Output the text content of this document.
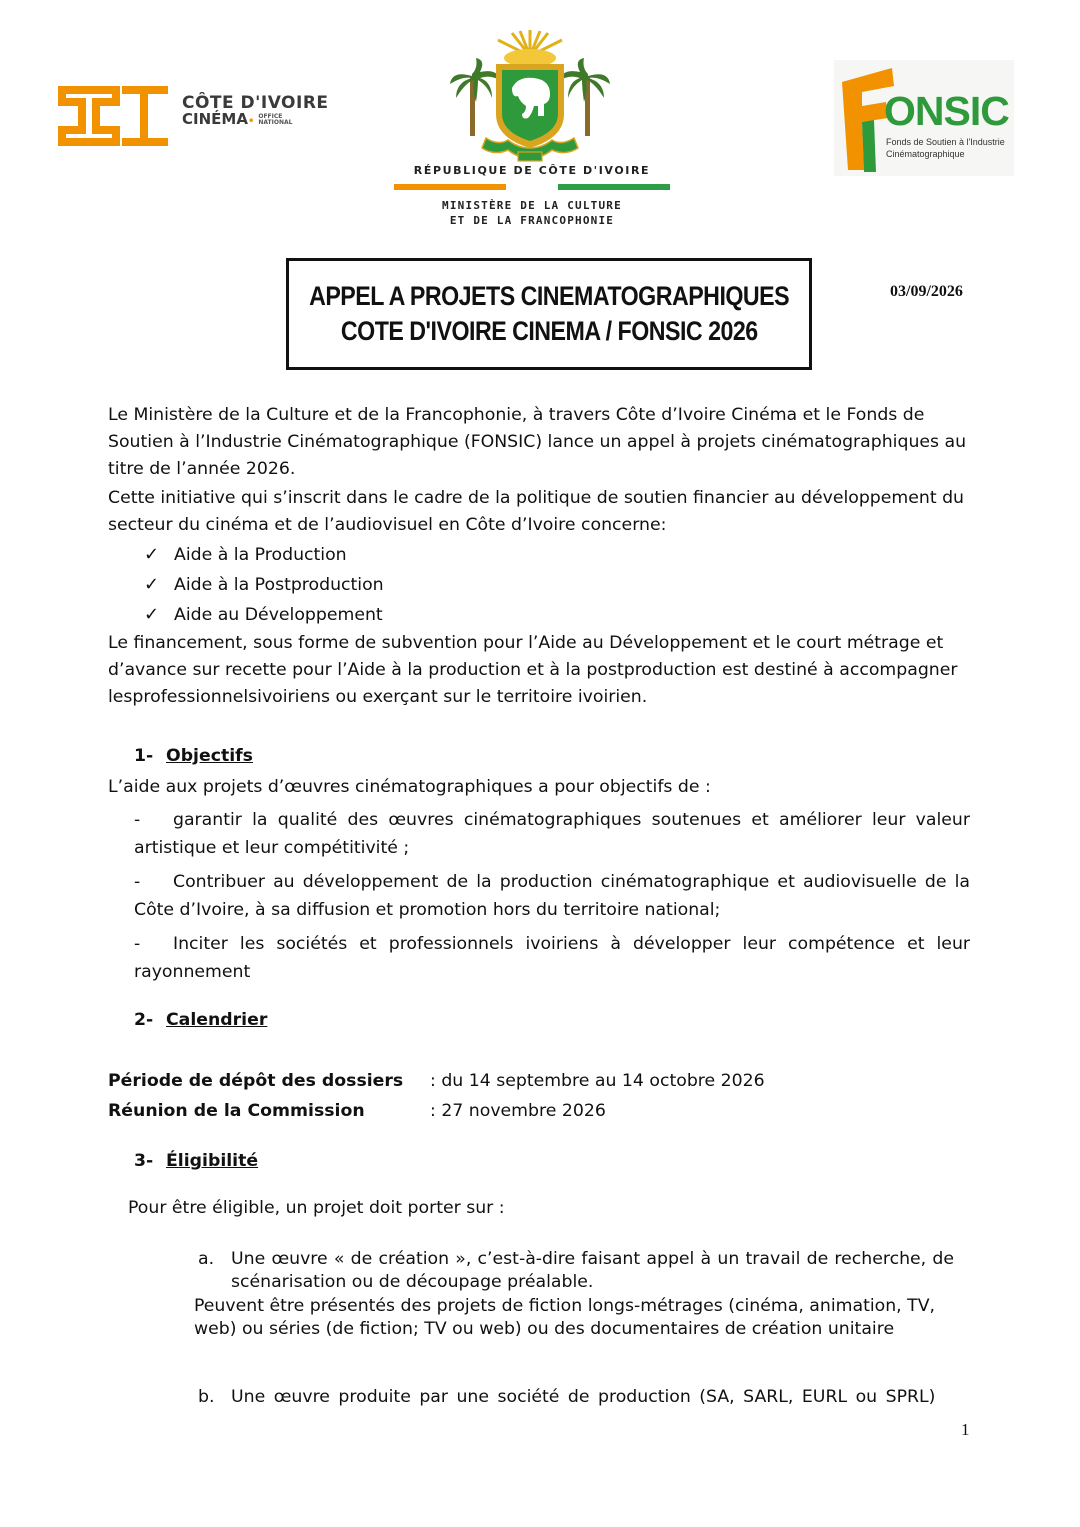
CÔTE D'IVOIRE
CINÉMA• OFFICE
NATIONAL
RÉPUBLIQUE DE CÔTE D'IVOIRE
MINISTÈRE DE LA CULTURE
ET DE LA FRANCOPHONIE
ONSIC
Fonds de Soutien à l'Industrie
Cinématographique
APPEL A PROJETS CINEMATOGRAPHIQUES
COTE D'IVOIRE CINEMA / FONSIC 2026
03/09/2026
Le Ministère de la Culture et de la Francophonie, à travers Côte d’Ivoire Cinéma et le Fonds de Soutien à l’Industrie Cinématographique (FONSIC) lance un appel à projets cinématographiques au titre de l’année 2026.
Cette initiative qui s’inscrit dans le cadre de la politique de soutien financier au développement du secteur du cinéma et de l’audiovisuel en Côte d’Ivoire concerne:
✓ Aide à la Production
✓ Aide à la Postproduction
✓ Aide au Développement
Le financement, sous forme de subvention pour l’Aide au Développement et le court métrage et d’avance sur recette pour l’Aide à la production et à la postproduction est destiné à accompagner lesprofessionnelsivoiriens ou exerçant sur le territoire ivoirien.
1- Objectifs
L’aide aux projets d’œuvres cinématographiques a pour objectifs de :
- garantir la qualité des œuvres cinématographiques soutenues et améliorer leur valeur artistique et leur compétitivité ;
- Contribuer au développement de la production cinématographique et audiovisuelle de la Côte d’Ivoire, à sa diffusion et promotion hors du territoire national;
- Inciter les sociétés et professionnels ivoiriens à développer leur compétence et leur rayonnement
2- Calendrier
Période de dépôt des dossiers : du 14 septembre au 14 octobre 2026
Réunion de la Commission	: 27 novembre 2026
3- Éligibilité
Pour être éligible, un projet doit porter sur :
a. Une œuvre « de création », c’est-à-dire faisant appel à un travail de recherche, de scénarisation ou de découpage préalable.
Peuvent être présentés des projets de fiction longs-métrages (cinéma, animation, TV, web) ou séries (de fiction; TV ou web) ou des documentaires de création unitaire
b. Une œuvre produite par une société de production (SA, SARL, EURL ou SPRL)
1
